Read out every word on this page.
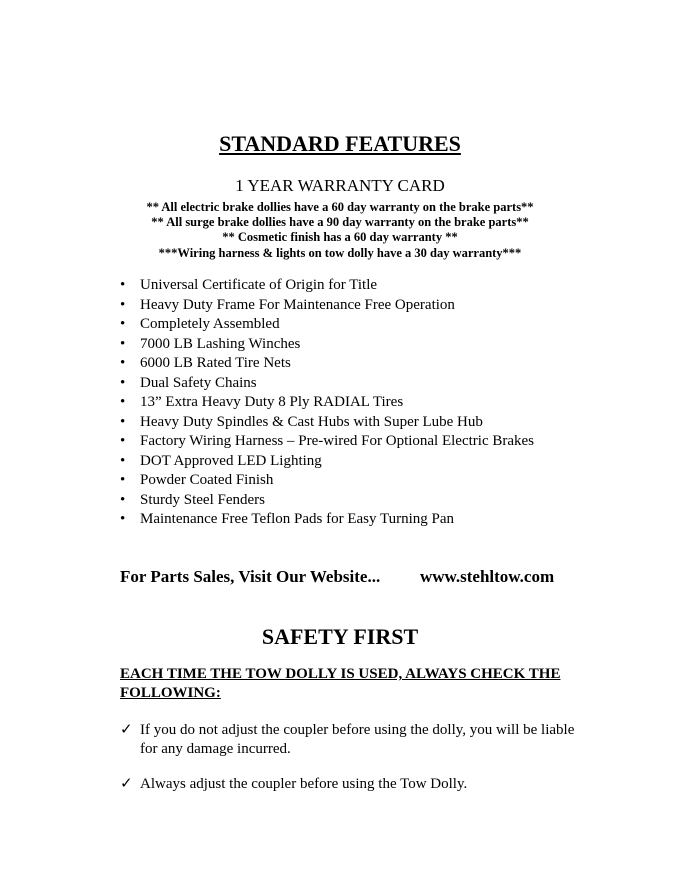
STANDARD FEATURES
1 YEAR WARRANTY CARD
** All electric brake dollies have a 60 day warranty on the brake parts**
** All surge brake dollies have a 90 day warranty on the brake parts**
** Cosmetic finish has a 60 day warranty **
***Wiring harness & lights on tow dolly have a 30 day warranty***
• Universal Certificate of Origin for Title
• Heavy Duty Frame For Maintenance Free Operation
• Completely Assembled
• 7000 LB Lashing Winches
• 6000 LB Rated Tire Nets
• Dual Safety Chains
• 13” Extra Heavy Duty 8 Ply RADIAL Tires
• Heavy Duty Spindles & Cast Hubs with Super Lube Hub
• Factory Wiring Harness – Pre-wired For Optional Electric Brakes
• DOT Approved LED Lighting
• Powder Coated Finish
• Sturdy Steel Fenders
• Maintenance Free Teflon Pads for Easy Turning Pan
For Parts Sales, Visit Our Website... www.stehltow.com
SAFETY FIRST
EACH TIME THE TOW DOLLY IS USED, ALWAYS CHECK THE FOLLOWING:
✓ If you do not adjust the coupler before using the dolly, you will be liable for any damage incurred.
✓ Always adjust the coupler before using the Tow Dolly.
